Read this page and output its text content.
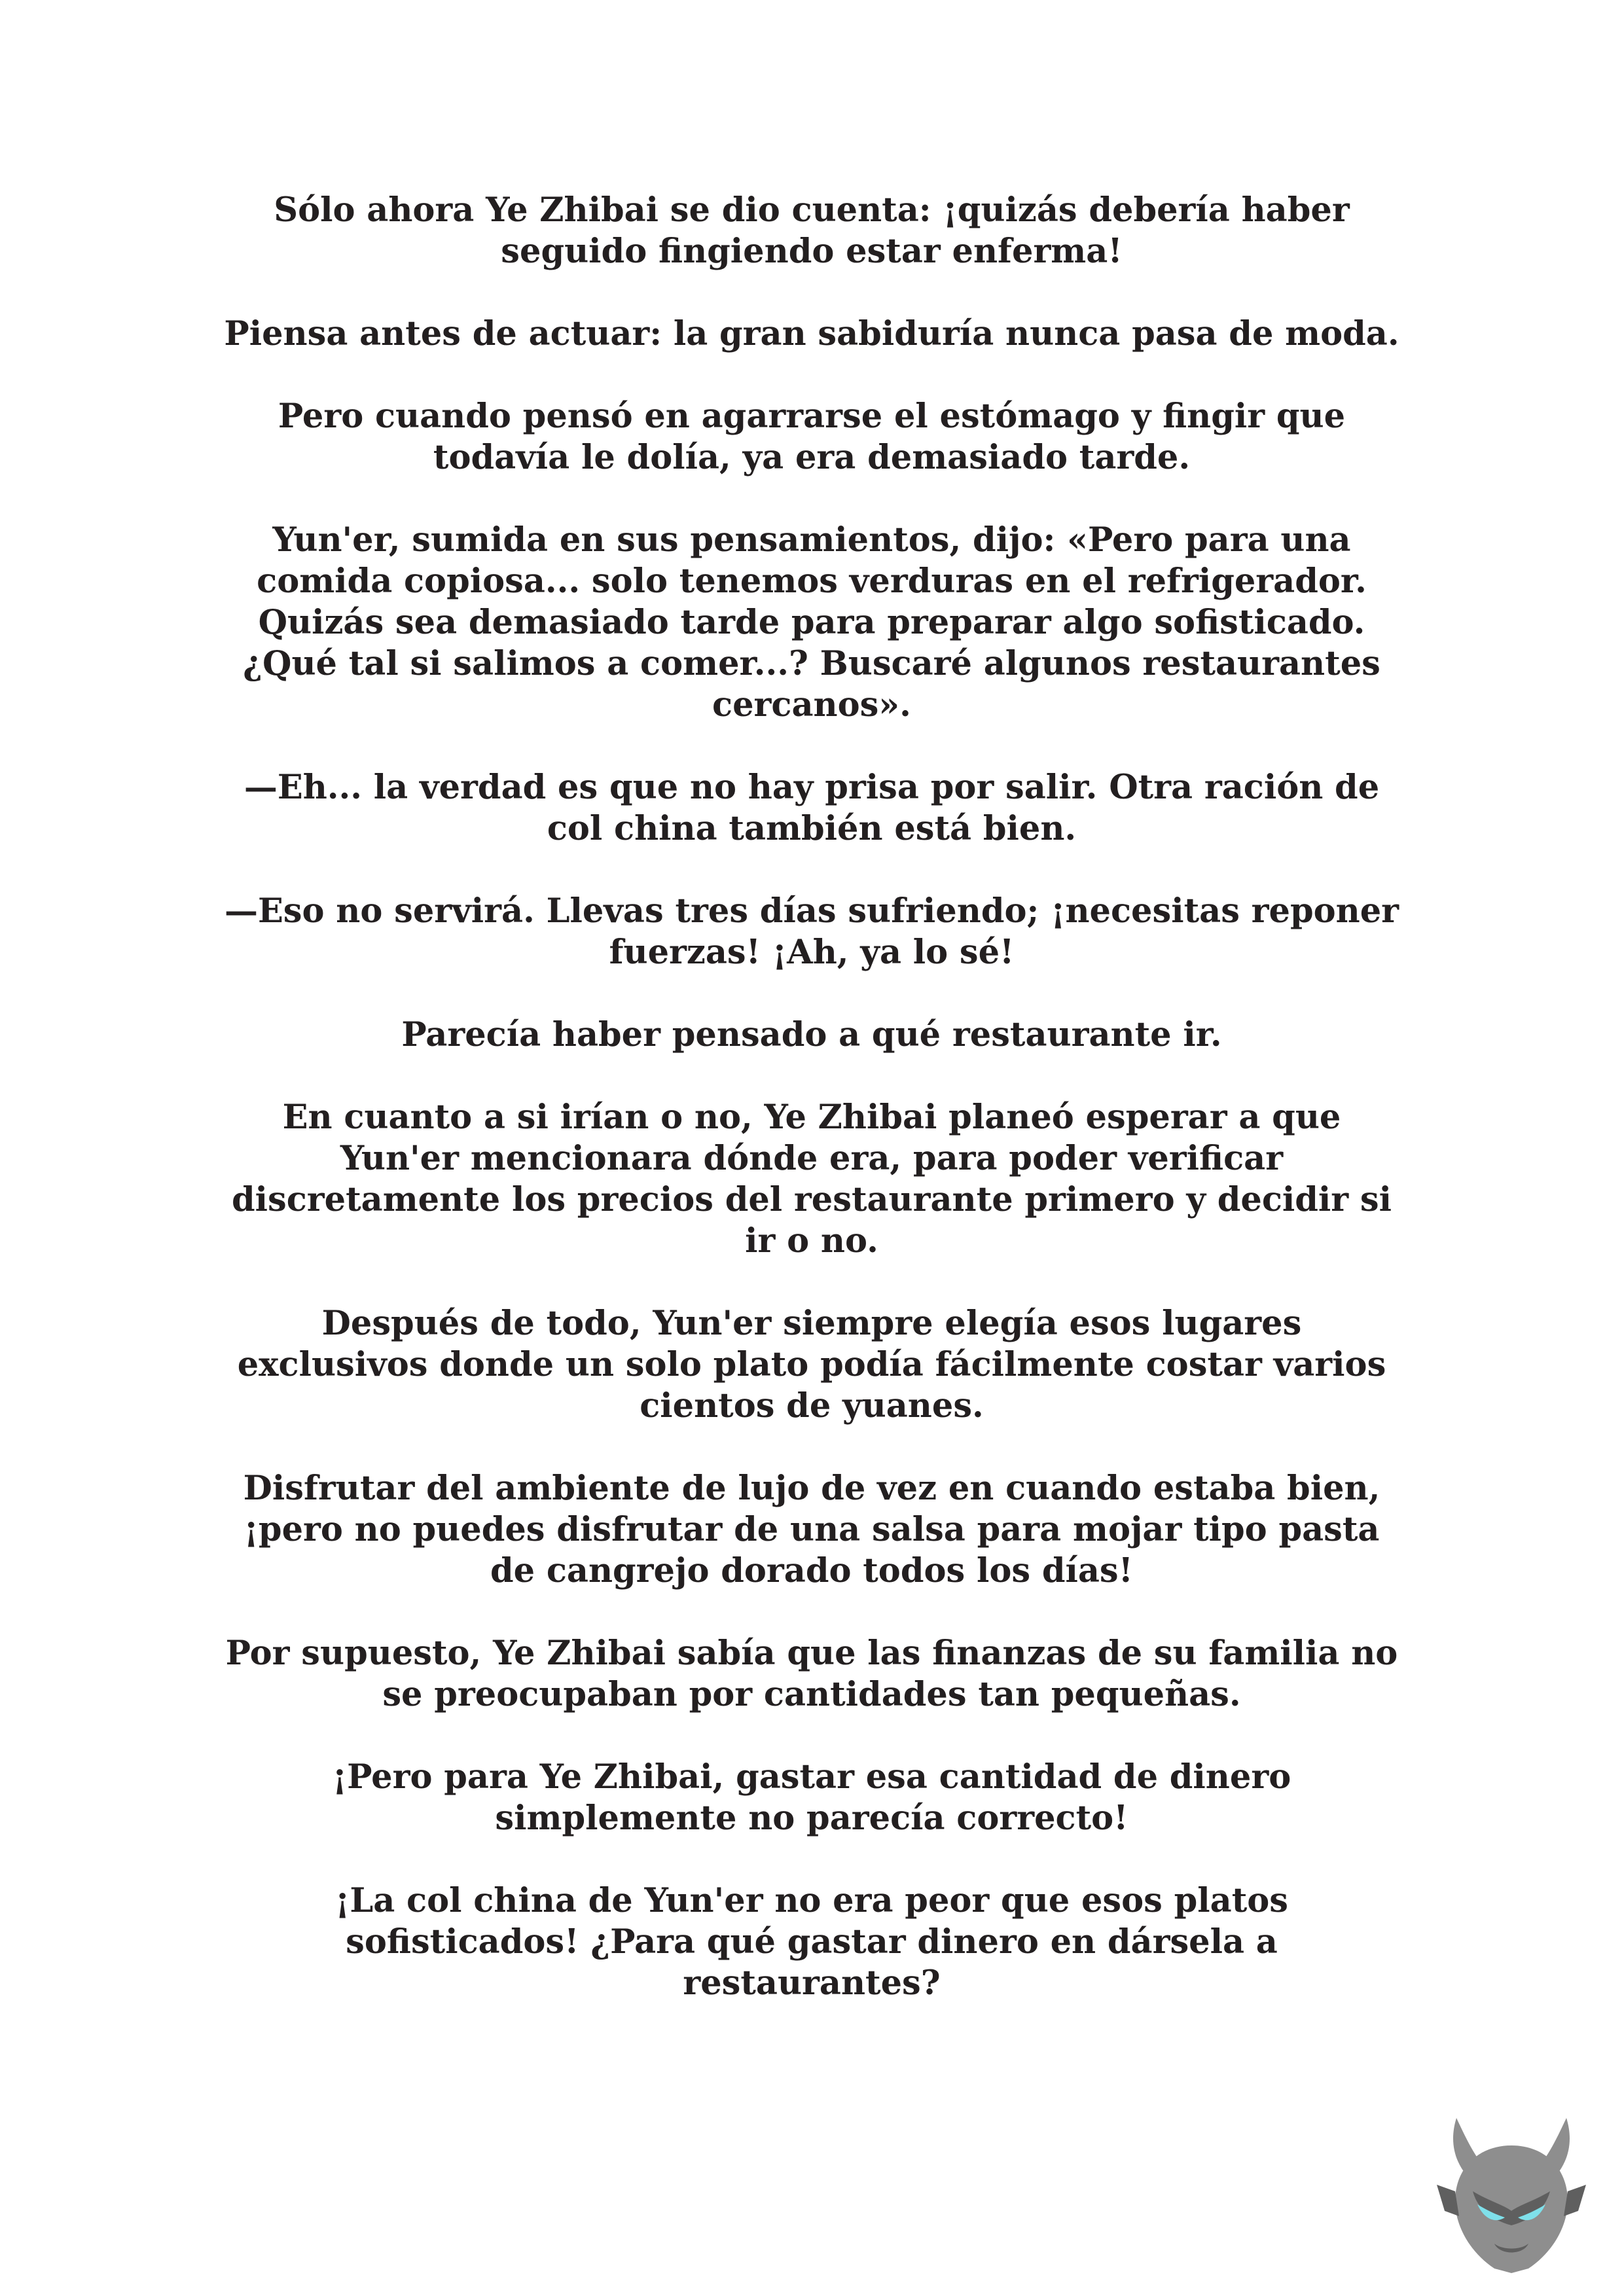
Sólo ahora Ye Zhibai se dio cuenta: ¡quizás debería haber seguido fingiendo estar enferma!

Piensa antes de actuar: la gran sabiduría nunca pasa de moda.

Pero cuando pensó en agarrarse el estómago y fingir que todavía le dolía, ya era demasiado tarde.

Yun'er, sumida en sus pensamientos, dijo: «Pero para una comida copiosa... solo tenemos verduras en el refrigerador. Quizás sea demasiado tarde para preparar algo sofisticado. ¿Qué tal si salimos a comer...? Buscaré algunos restaurantes cercanos».

—Eh... la verdad es que no hay prisa por salir. Otra ración de col china también está bien.

—Eso no servirá. Llevas tres días sufriendo; ¡necesitas reponer fuerzas! ¡Ah, ya lo sé!

Parecía haber pensado a qué restaurante ir.

En cuanto a si irían o no, Ye Zhibai planeó esperar a que Yun'er mencionara dónde era, para poder verificar discretamente los precios del restaurante primero y decidir si ir o no.

Después de todo, Yun'er siempre elegía esos lugares exclusivos donde un solo plato podía fácilmente costar varios cientos de yuanes.

Disfrutar del ambiente de lujo de vez en cuando estaba bien, ¡pero no puedes disfrutar de una salsa para mojar tipo pasta de cangrejo dorado todos los días!

Por supuesto, Ye Zhibai sabía que las finanzas de su familia no se preocupaban por cantidades tan pequeñas.

¡Pero para Ye Zhibai, gastar esa cantidad de dinero simplemente no parecía correcto!

¡La col china de Yun'er no era peor que esos platos sofisticados! ¿Para qué gastar dinero en dársela a restaurantes?
